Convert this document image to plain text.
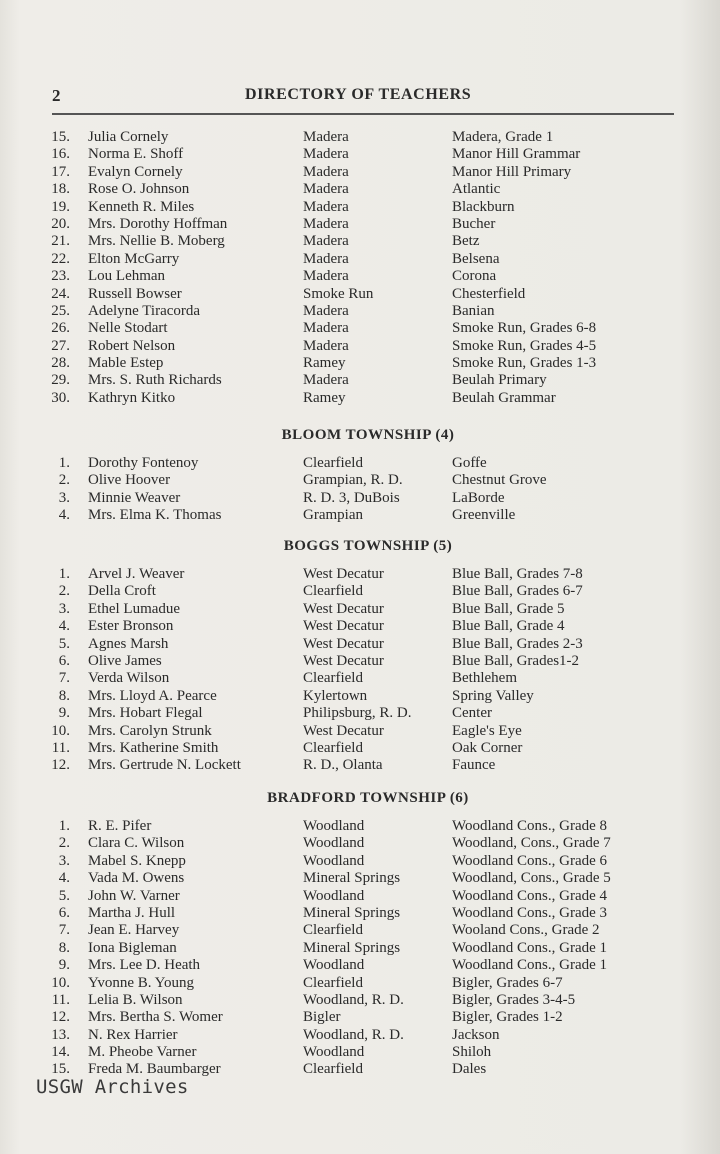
2	DIRECTORY OF TEACHERS
15. Julia Cornely	Madera	Madera, Grade 1
16. Norma E. Shoff	Madera	Manor Hill Grammar
17. Evalyn Cornely	Madera	Manor Hill Primary
18. Rose O. Johnson	Madera	Atlantic
19. Kenneth R. Miles	Madera	Blackburn
20. Mrs. Dorothy Hoffman	Madera	Bucher
21. Mrs. Nellie B. Moberg	Madera	Betz
22. Elton McGarry	Madera	Belsena
23. Lou Lehman	Madera	Corona
24. Russell Bowser	Smoke Run	Chesterfield
25. Adelyne Tiracorda	Madera	Banian
26. Nelle Stodart	Madera	Smoke Run, Grades 6-8
27. Robert Nelson	Madera	Smoke Run, Grades 4-5
28. Mable Estep	Ramey	Smoke Run, Grades 1-3
29. Mrs. S. Ruth Richards	Madera	Beulah Primary
30. Kathryn Kitko	Ramey	Beulah Grammar
BLOOM TOWNSHIP (4)
1. Dorothy Fontenoy	Clearfield	Goffe
2. Olive Hoover	Grampian, R. D.	Chestnut Grove
3. Minnie Weaver	R. D. 3, DuBois	LaBorde
4. Mrs. Elma K. Thomas	Grampian	Greenville
BOGGS TOWNSHIP (5)
1. Arvel J. Weaver	West Decatur	Blue Ball, Grades 7-8
2. Della Croft	Clearfield	Blue Ball, Grades 6-7
3. Ethel Lumadue	West Decatur	Blue Ball, Grade 5
4. Ester Bronson	West Decatur	Blue Ball, Grade 4
5. Agnes Marsh	West Decatur	Blue Ball, Grades 2-3
6. Olive James	West Decatur	Blue Ball, Grades1-2
7. Verda Wilson	Clearfield	Bethlehem
8. Mrs. Lloyd A. Pearce	Kylertown	Spring Valley
9. Mrs. Hobart Flegal	Philipsburg, R. D.	Center
10. Mrs. Carolyn Strunk	West Decatur	Eagle's Eye
11. Mrs. Katherine Smith	Clearfield	Oak Corner
12. Mrs. Gertrude N. Lockett	R. D., Olanta	Faunce
BRADFORD TOWNSHIP (6)
1. R. E. Pifer	Woodland	Woodland Cons., Grade 8
2. Clara C. Wilson	Woodland	Woodland, Cons., Grade 7
3. Mabel S. Knepp	Woodland	Woodland Cons., Grade 6
4. Vada M. Owens	Mineral Springs	Woodland, Cons., Grade 5
5. John W. Varner	Woodland	Woodland Cons., Grade 4
6. Martha J. Hull	Mineral Springs	Woodland Cons., Grade 3
7. Jean E. Harvey	Clearfield	Wooland Cons., Grade 2
8. Iona Bigleman	Mineral Springs	Woodland Cons., Grade 1
9. Mrs. Lee D. Heath	Woodland	Woodland Cons., Grade 1
10. Yvonne B. Young	Clearfield	Bigler, Grades 6-7
11. Lelia B. Wilson	Woodland, R. D.	Bigler, Grades 3-4-5
12. Mrs. Bertha S. Womer	Bigler	Bigler, Grades 1-2
13. N. Rex Harrier	Woodland, R. D.	Jackson
14. M. Pheobe Varner	Woodland	Shiloh
15. Freda M. Baumbarger	Clearfield	Dales
USGW Archives
